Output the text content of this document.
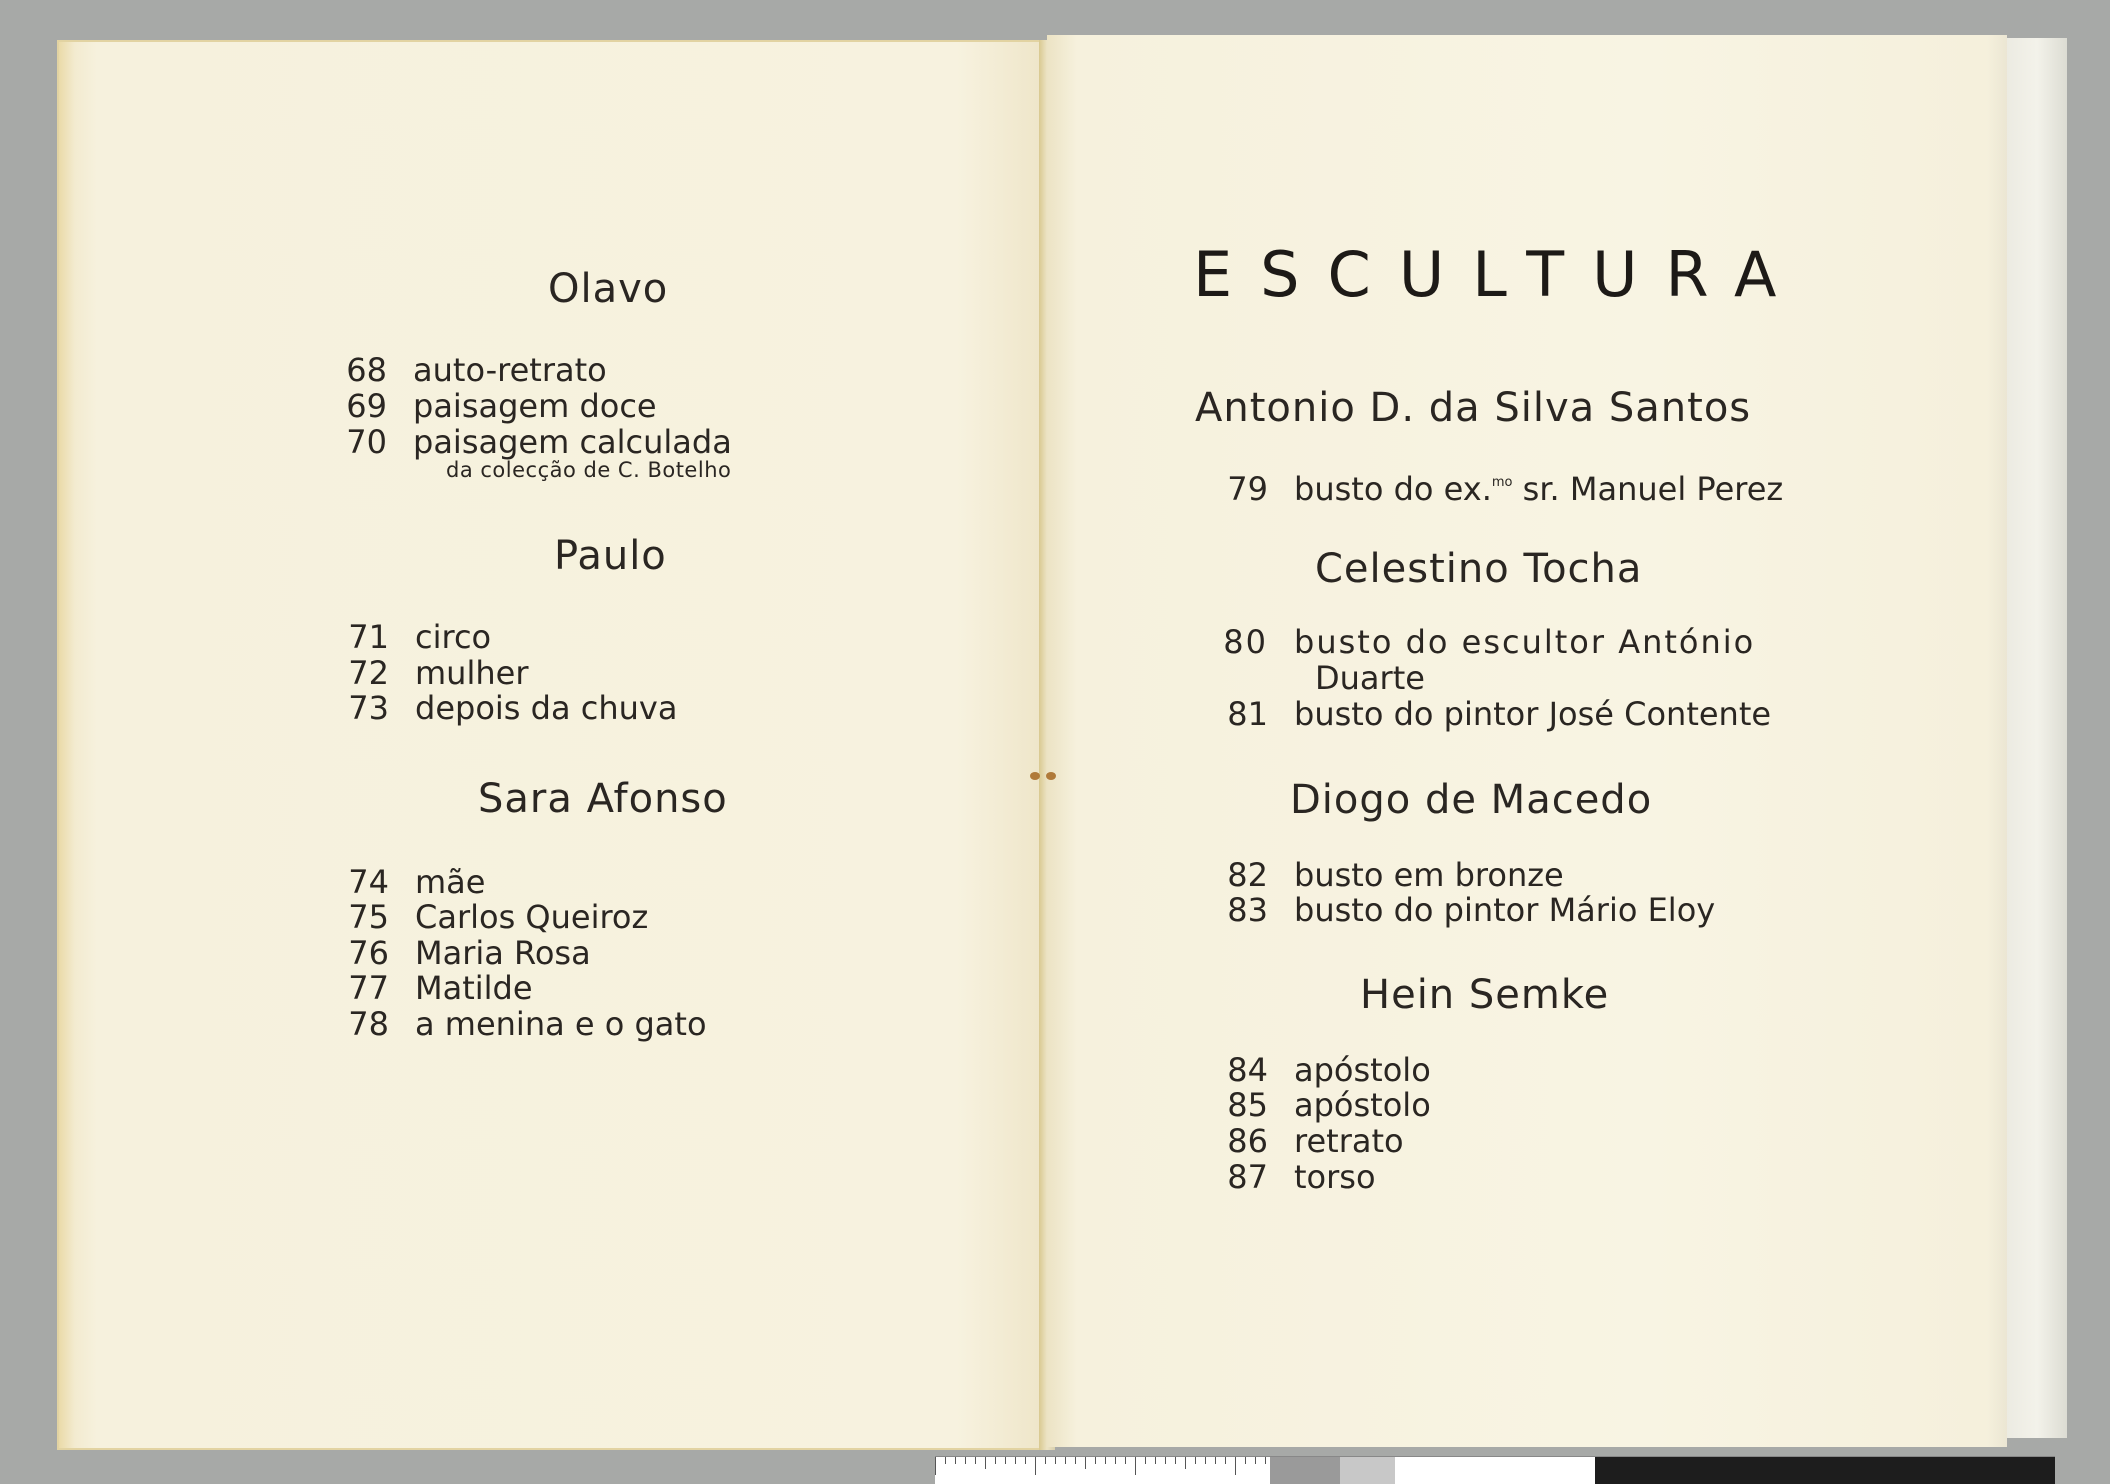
Olavo
68 auto-retrato
69 paisagem doce
70 paisagem calculada
da colecção de C. Botelho
Paulo
71 circo
72 mulher
73 depois da chuva
Sara Afonso
74 mãe
75 Carlos Queiroz
76 Maria Rosa
77 Matilde
78 a menina e o gato
ESCULTURA
Antonio D. da Silva Santos
79 busto do ex.$^{mo}$ sr. Manuel Perez
Celestino Tocha
80 busto do escultor António
Duarte
81 busto do pintor José Contente
Diogo de Macedo
82 busto em bronze
83 busto do pintor Mário Eloy
Hein Semke
84 apóstolo
85 apóstolo
86 retrato
87 torso
